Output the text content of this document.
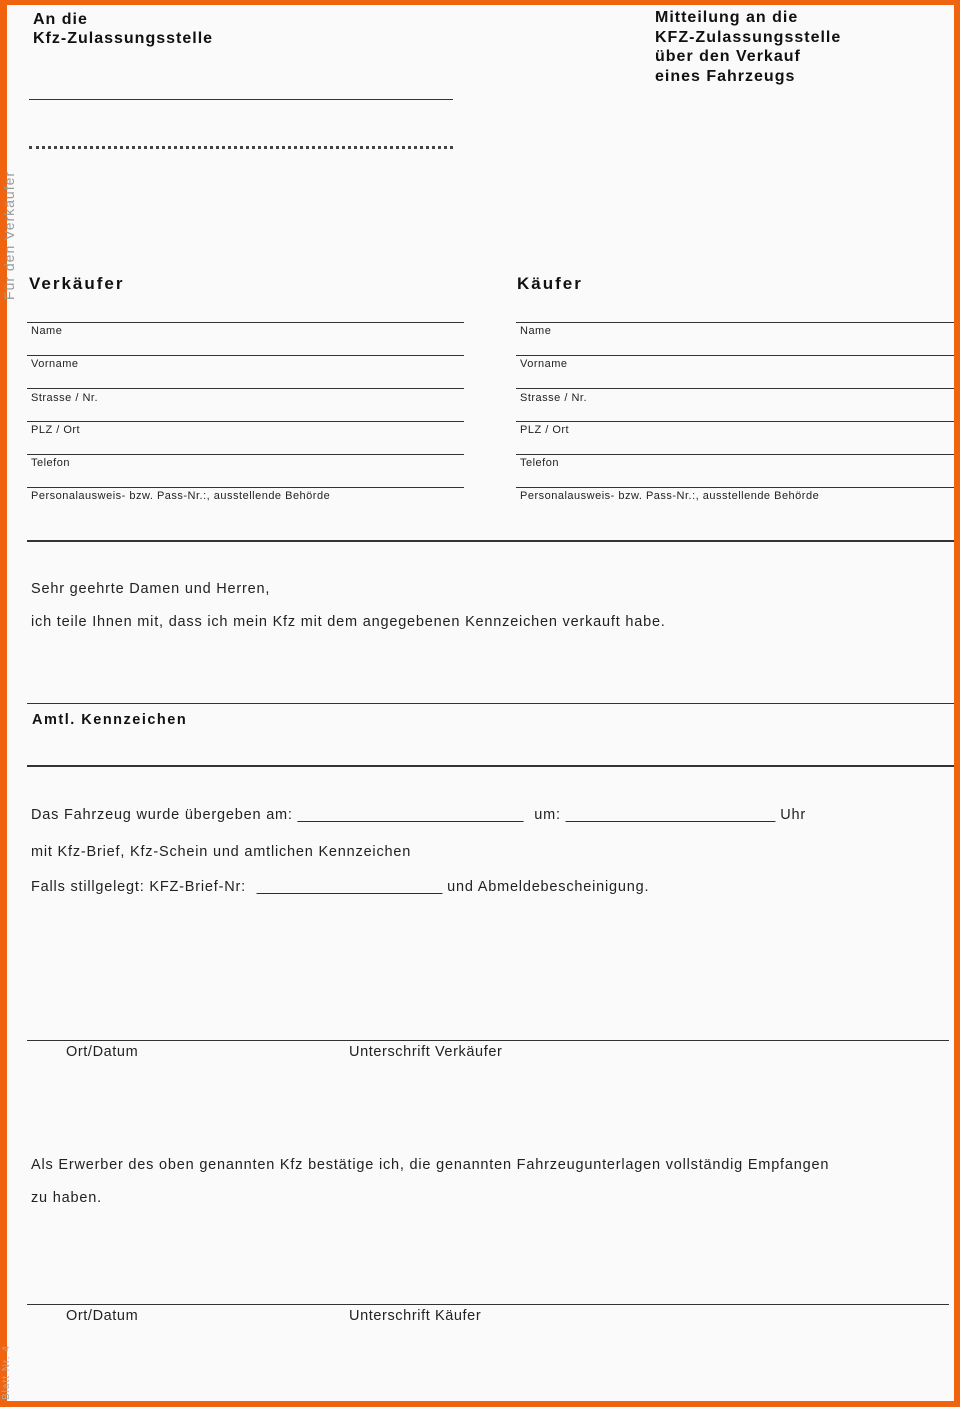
Für den Verkäufer
Blatt Nr. 4
An die
Kfz-Zulassungsstelle
Mitteilung an die
KFZ-Zulassungsstelle
über den Verkauf
eines Fahrzeugs
Verkäufer
Name
Vorname
Strasse / Nr.
PLZ / Ort
Telefon
Personalausweis- bzw. Pass-Nr.:, ausstellende Behörde
Käufer
Name
Vorname
Strasse / Nr.
PLZ / Ort
Telefon
Personalausweis- bzw. Pass-Nr.:, ausstellende Behörde
Sehr geehrte Damen und Herren,
ich teile Ihnen mit, dass ich mein Kfz mit dem angegebenen Kennzeichen verkauft habe.
Amtl. Kennzeichen
Das Fahrzeug wurde übergeben am: ____________________________ um: __________________________ Uhr
mit Kfz-Brief, Kfz-Schein und amtlichen Kennzeichen
Falls stillgelegt: KFZ-Brief-Nr: _______________________ und Abmeldebescheinigung.
Ort/Datum	Unterschrift Verkäufer
Als Erwerber des oben genannten Kfz bestätige ich, die genannten Fahrzeugunterlagen vollständig Empfangen
zu haben.
Ort/Datum	Unterschrift Käufer
